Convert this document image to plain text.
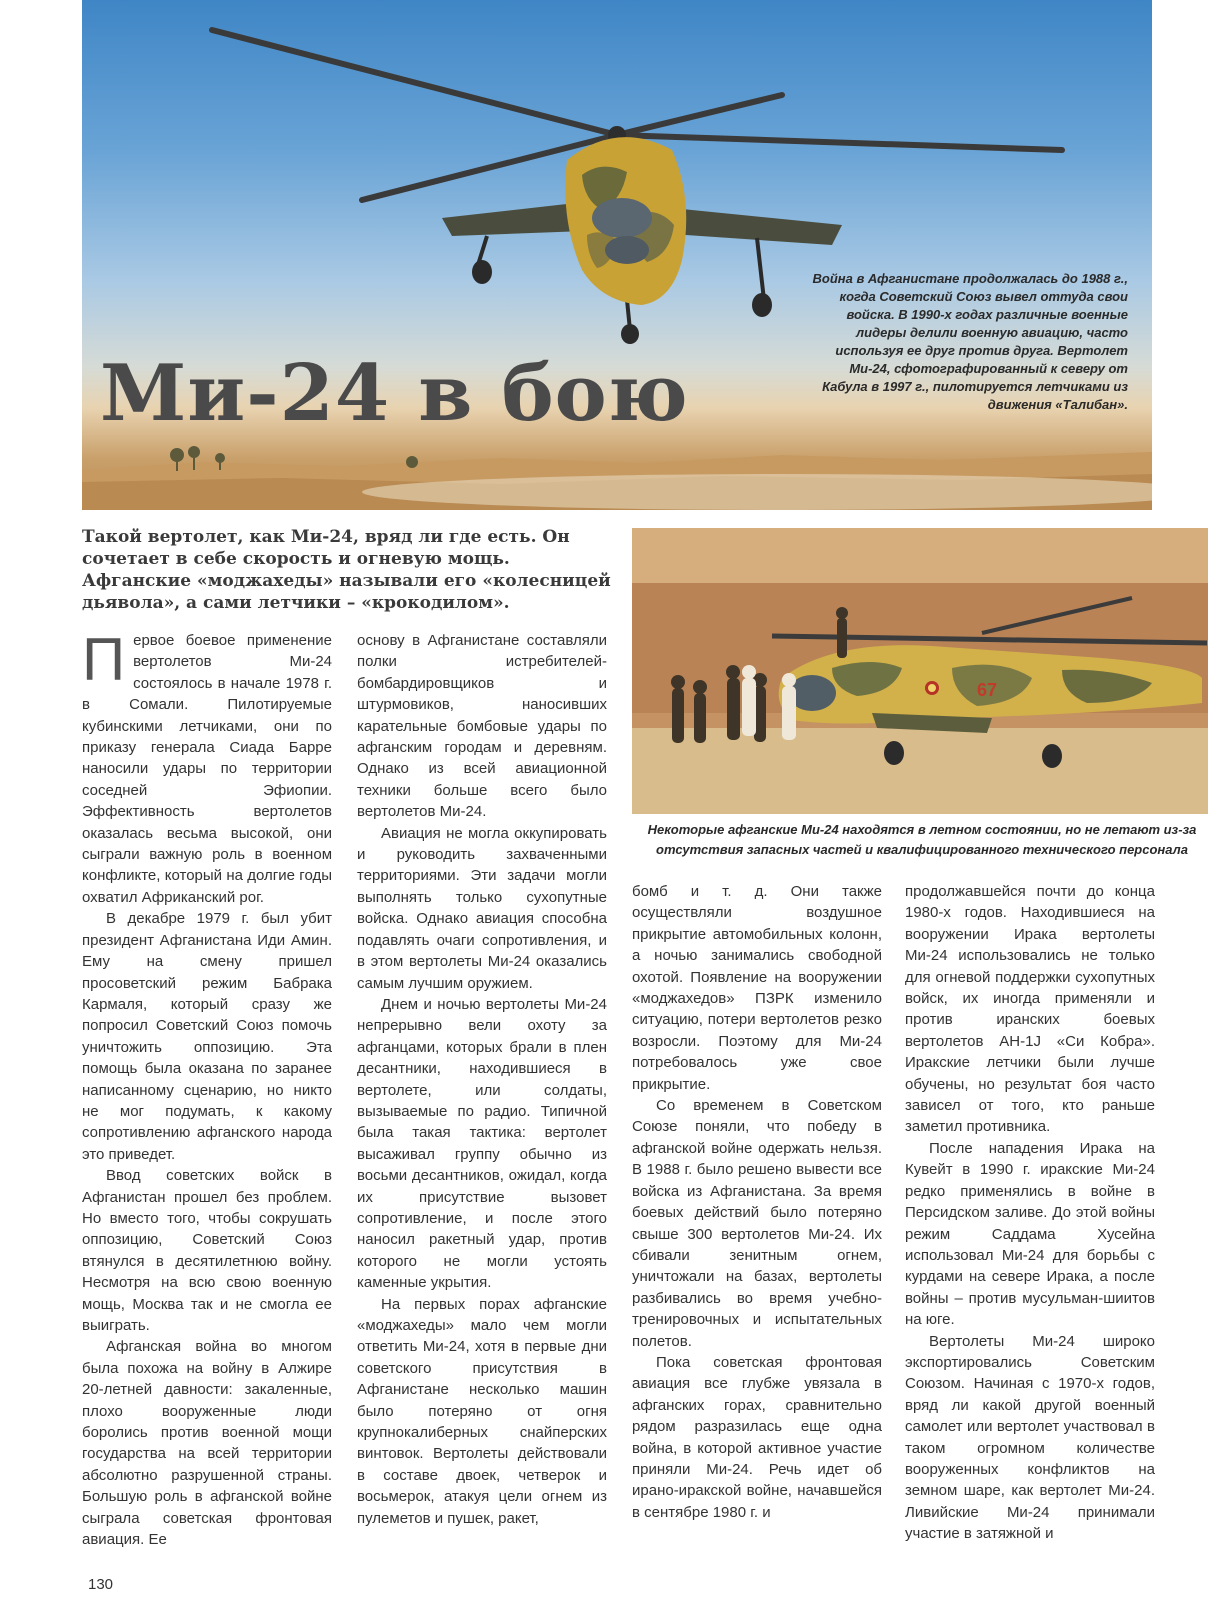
Ми-24 в бою

Война в Афганистане продолжалась до 1988 г., когда Советский Союз вывел оттуда свои войска. В 1990-х годах различные военные лидеры делили военную авиацию, часто используя ее друг против друга. Вертолет Ми-24, сфотографированный к северу от Кабула в 1997 г., пилотируется летчиками из движения «Талибан».

Такой вертолет, как Ми-24, вряд ли где есть. Он сочетает в себе скорость и огневую мощь. Афганские «моджахеды» называли его «колесницей дьявола», а сами летчики – «крокодилом».

67

Некоторые афганские Ми-24 находятся в летном состоянии, но не летают из-за отсутствия запасных частей и квалифицированного технического персонала

Первое боевое применение вертолетов Ми-24 состоялось в начале 1978 г. в Сомали. Пилотируемые кубинскими летчиками, они по приказу генерала Сиада Барре наносили удары по территории соседней Эфиопии. Эффективность вертолетов оказалась весьма высокой, они сыграли важную роль в военном конфликте, который на долгие годы охватил Африканский рог.

В декабре 1979 г. был убит президент Афганистана Иди Амин. Ему на смену пришел просоветский режим Бабрака Кармаля, который сразу же попросил Советский Союз помочь уничтожить оппозицию. Эта помощь была оказана по заранее написанному сценарию, но никто не мог подумать, к какому сопротивлению афганского народа это приведет.

Ввод советских войск в Афганистан прошел без проблем. Но вместо того, чтобы сокрушать оппозицию, Советский Союз втянулся в десятилетнюю войну. Несмотря на всю свою военную мощь, Москва так и не смогла ее выиграть.

Афганская война во многом была похожа на войну в Алжире 20-летней давности: закаленные, плохо вооруженные люди боролись против военной мощи государства на всей территории абсолютно разрушенной страны. Большую роль в афганской войне сыграла советская фронтовая авиация. Ее

основу в Афганистане составляли полки истребителей-бомбардировщиков и штурмовиков, наносивших карательные бомбовые удары по афганским городам и деревням. Однако из всей авиационной техники больше всего было вертолетов Ми-24.

Авиация не могла оккупировать и руководить захваченными территориями. Эти задачи могли выполнять только сухопутные войска. Однако авиация способна подавлять очаги сопротивления, и в этом вертолеты Ми-24 оказались самым лучшим оружием.

Днем и ночью вертолеты Ми-24 непрерывно вели охоту за афганцами, которых брали в плен десантники, находившиеся в вертолете, или солдаты, вызываемые по радио. Типичной была такая тактика: вертолет высаживал группу обычно из восьми десантников, ожидал, когда их присутствие вызовет сопротивление, и после этого наносил ракетный удар, против которого не могли устоять каменные укрытия.

На первых порах афганские «моджахеды» мало чем могли ответить Ми-24, хотя в первые дни советского присутствия в Афганистане несколько машин было потеряно от огня крупнокалиберных снайперских винтовок. Вертолеты действовали в составе двоек, четверок и восьмерок, атакуя цели огнем из пулеметов и пушек, ракет,

бомб и т. д. Они также осуществляли воздушное прикрытие автомобильных колонн, а ночью занимались свободной охотой. Появление на вооружении «моджахедов» ПЗРК изменило ситуацию, потери вертолетов резко возросли. Поэтому для Ми-24 потребовалось уже свое прикрытие.

Со временем в Советском Союзе поняли, что победу в афганской войне одержать нельзя. В 1988 г. было решено вывести все войска из Афганистана. За время боевых действий было потеряно свыше 300 вертолетов Ми-24. Их сбивали зенитным огнем, уничтожали на базах, вертолеты разбивались во время учебно-тренировочных и испытательных полетов.

Пока советская фронтовая авиация все глубже увязала в афганских горах, сравнительно рядом разразилась еще одна война, в которой активное участие приняли Ми-24. Речь идет об ирано-иракской войне, начавшейся в сентябре 1980 г. и

продолжавшейся почти до конца 1980-х годов. Находившиеся на вооружении Ирака вертолеты Ми-24 использовались не только для огневой поддержки сухопутных войск, их иногда применяли и против иранских боевых вертолетов АН-1J «Си Кобра». Иракские летчики были лучше обучены, но результат боя часто зависел от того, кто раньше заметил противника.

После нападения Ирака на Кувейт в 1990 г. иракские Ми-24 редко применялись в войне в Персидском заливе. До этой войны режим Саддама Хусейна использовал Ми-24 для борьбы с курдами на севере Ирака, а после войны – против мусульман-шиитов на юге.

Вертолеты Ми-24 широко экспортировались Советским Союзом. Начиная с 1970-х годов, вряд ли какой другой военный самолет или вертолет участвовал в таком огромном количестве вооруженных конфликтов на земном шаре, как вертолет Ми-24. Ливийские Ми-24 принимали участие в затяжной и

130
